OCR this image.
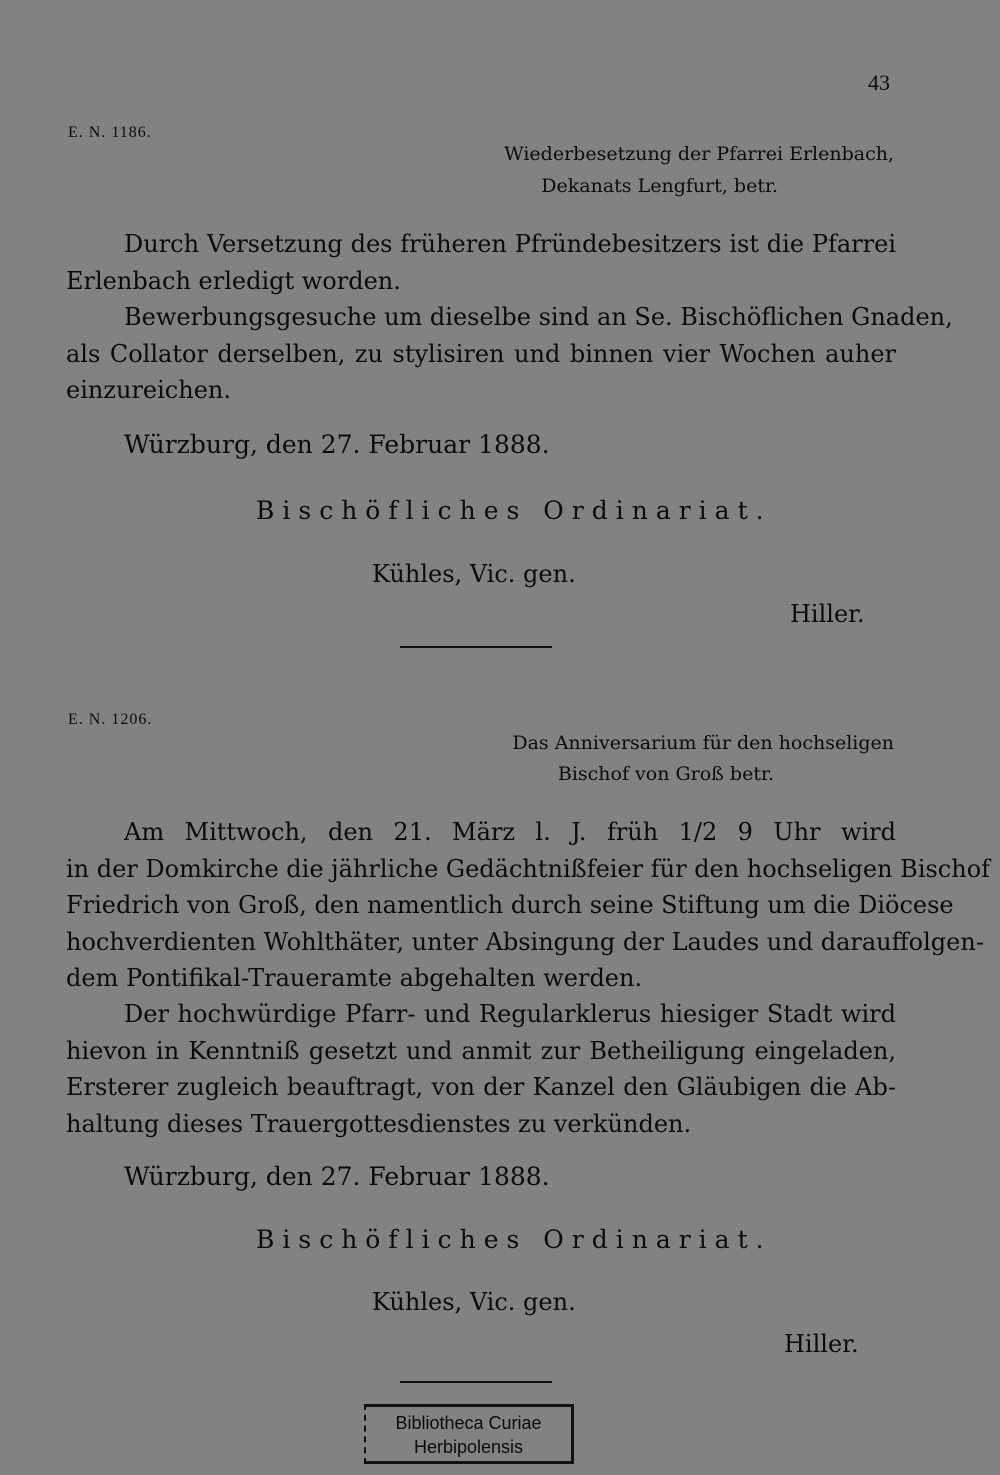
43
E. N. 1186.
Wiederbesetzung der Pfarrei Erlenbach,
Dekanats Lengfurt, betr.
Durch Versetzung des früheren Pfründebesitzers ist die Pfarrei
Erlenbach erledigt worden.
Bewerbungsgesuche um dieselbe sind an Se. Bischöflichen Gnaden,
als Collator derselben, zu stylisiren und binnen vier Wochen auher
einzureichen.
Würzburg, den 27. Februar 1888.
Bischöfliches Ordinariat.
Kühles, Vic. gen.
Hiller.
E. N. 1206.
Das Anniversarium für den hochseligen
Bischof von Groß betr.
Am Mittwoch, den 21. März l. J. früh 1/2 9 Uhr wird
in der Domkirche die jährliche Gedächtnißfeier für den hochseligen Bischof
Friedrich von Groß, den namentlich durch seine Stiftung um die Diöcese
hochverdienten Wohlthäter, unter Absingung der Laudes und darauffolgen-
dem Pontifikal-Traueramte abgehalten werden.
Der hochwürdige Pfarr- und Regularklerus hiesiger Stadt wird
hievon in Kenntniß gesetzt und anmit zur Betheiligung eingeladen,
Ersterer zugleich beauftragt, von der Kanzel den Gläubigen die Ab-
haltung dieses Trauergottesdienstes zu verkünden.
Würzburg, den 27. Februar 1888.
Bischöfliches Ordinariat.
Kühles, Vic. gen.
Hiller.
Bibliotheca Curiae
Herbipolensis
